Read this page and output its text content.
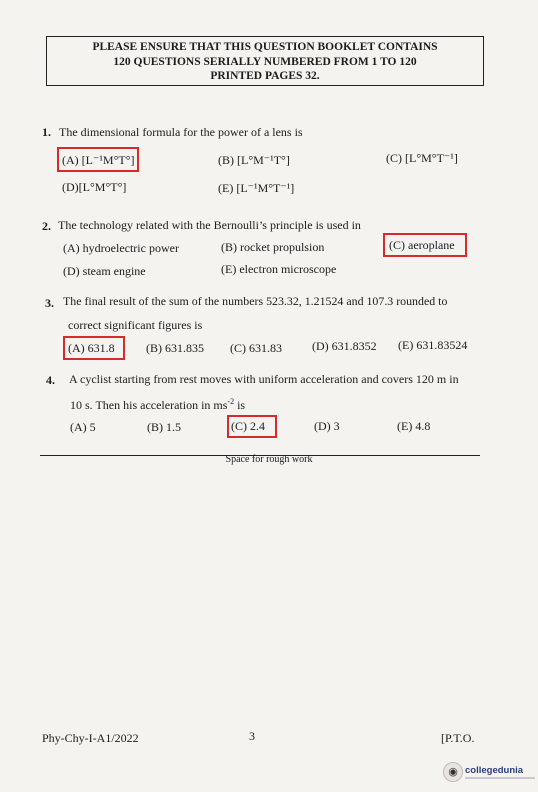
PLEASE ENSURE THAT THIS QUESTION BOOKLET CONTAINS
120 QUESTIONS SERIALLY NUMBERED FROM 1 TO 120
PRINTED PAGES 32.
1. The dimensional formula for the power of a lens is
(A) [L⁻¹M°T°]	(B) [L°M⁻¹T°]	(C) [L°M°T⁻¹]
(D)[L°M°T°]	(E) [L⁻¹M°T⁻¹]
2. The technology related with the Bernoulli’s principle is used in
(A) hydroelectric power	(B) rocket propulsion	(C) aeroplane
(D) steam engine	(E) electron microscope
3. The final result of the sum of the numbers 523.32, 1.21524 and 107.3 rounded to
correct significant figures is
(A) 631.8	(B) 631.835 (C) 631.83	(D) 631.8352 (E) 631.83524
4. A cyclist starting from rest moves with uniform acceleration and covers 120 m in
10 s. Then his acceleration in $ms^{-2}$ is
(A) 5	(B) 1.5	(C) 2.4	(D) 3	(E) 4.8
Space for rough work
Phy-Chy-I-A1/2022	3	[P.T.O.
◉ collegedunia
